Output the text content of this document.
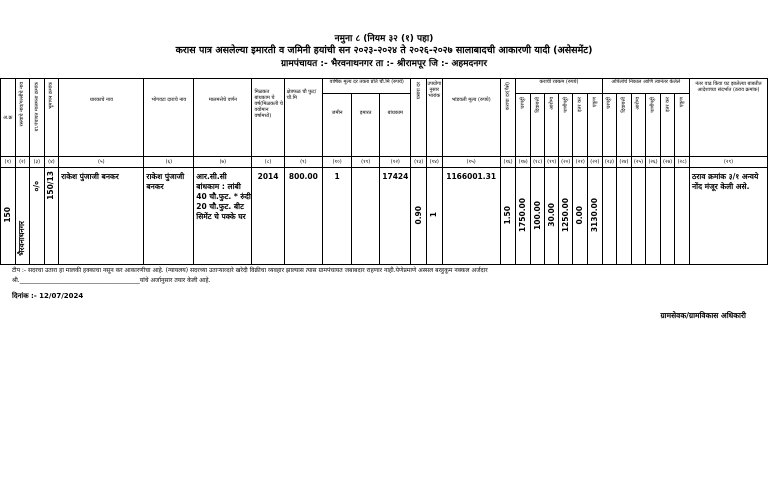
नमुना ८ (नियम ३२ (१) पहा)
करास पात्र असलेल्या इमारती व जमिनी हयांची सन २०२३-२०२४ ते २०२६-२०२७ सालाबादची आकारणी यादी (असेसमेंट)
ग्रामपंचायत :- भैरवनाथनगर ता :- श्रीरामपूर जि :- अहमदनगर
अ.क्र	रस्त्याचे नाव/गल्लीचे नाव	ग्रा.पंचायत मालमत्ता क्रमांक	भूमापन क्रमांक	धारकाचे नाव	भोगवटा दाराचे नाव	मालमत्तेचे वर्णन	मिळकत बांधकाम चे वर्ष(मिळकती चे वयोमान वर्षामध्ये)	क्षेत्रफळ चौ फुट/ चौ.मि	वार्षिक मूल्य दर तक्ता प्रति चौ.मि (रुपये)			घसारा दर	उपयोगा नुसार भारांक	भांडवली मूल्य (रुपये)	कराचा दर(पैसे)	कराची रक्कम (रुपये)						अपिलांचे निकाल आणि त्यानंतर केलेले						नंतर वाढ किंवा घट झालेल्या बाबतीत आदेशाच्या संदर्भात (ठराव क्रमांक)

									जमीन	इमारत	बांधकाम					घरपट्टी	दिवाबत्ती	आरोग्य	पाणीपट्टी	इतर कर	एकूण	घरपट्टी	दिवाबत्ती	आरोग्य	पाणीपट्टी	इतर कर	एकूण	

(१)	(२)	(३)	(४)	(५)	(६)	(७)	(८)	(९)	(१०)	(११)	(१२)	(१३)	(१४)	(१५)	(१६)	(१७)	(१८)	(१९)	(२०)	(२१)	(२२)	(२३)	(२४)	(२५)	(२६)	(२७)	(२८)	(२९)

150	भैरवनाथनगर	०/०	150/13	राकेश पुंजाजी बनकर	राकेश पुंजाजी बनकर	आर.सी.सी बांधकाम : लांबी 40 चौ.फुट. * रुंदी 20 चौ.फुट. बीट सिमेंट चे पक्के घर	2014	800.00	1		17424	0.90	1	1166001.31	1.50	1750.00	100.00	30.00	1250.00	0.00	3130.00							ठराव क्रमांक ३/१ अन्वये नोंद मंजूर केली असे.
टीप :- सदरचा उतारा हा मालकी हक्काचा नसून कर आकारणीचा आहे. (न्यायलय) सदरच्या उताऱ्याव्दारे खरेदी विक्रीचा व्यवहार झाल्यास त्यास ग्रामपंचायत जबाबदार राहणार नाही.येणेप्रमाणे अस्सल बरहुकूम नक्कल अर्जदार
श्री.________________________________________यांचे अर्जानुसार तयार केली आहे.
दिनांक :- 12/07/2024
ग्रामसेवक/ग्रामविकास अधिकारी
